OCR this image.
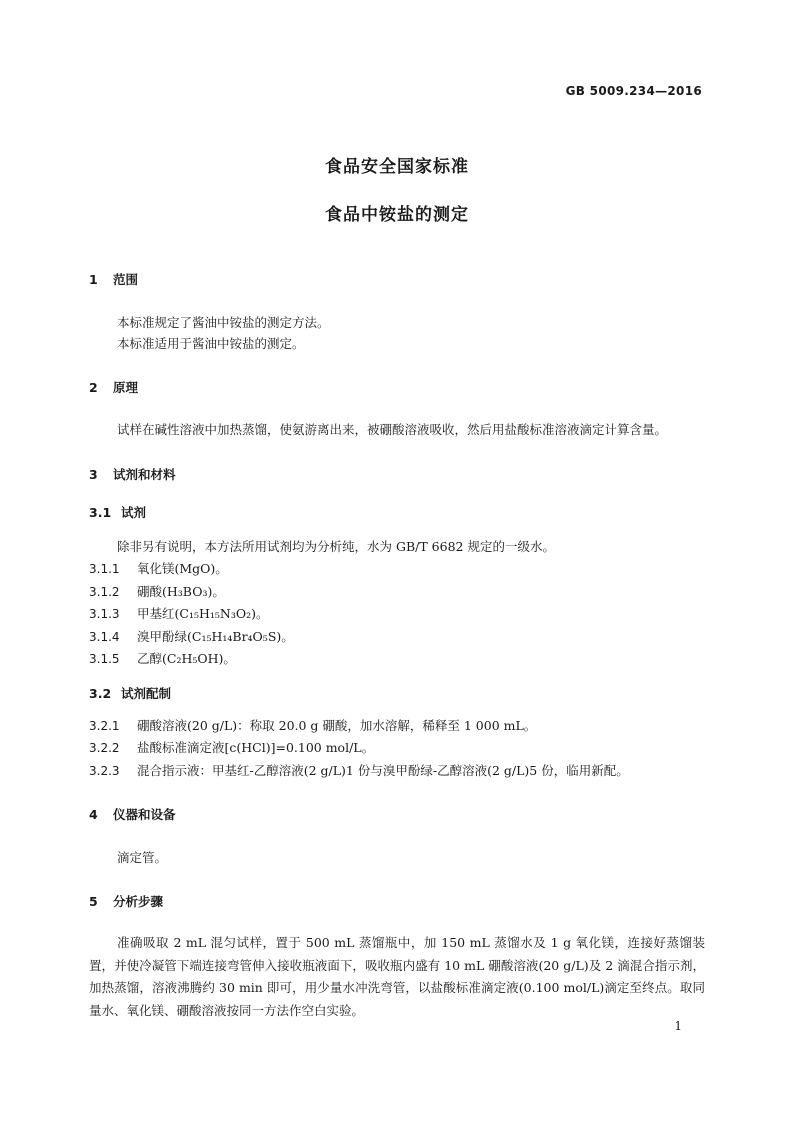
GB 5009.234—2016
食品安全国家标准
食品中铵盐的测定
1 范围
本标准规定了酱油中铵盐的测定方法。
本标准适用于酱油中铵盐的测定。
2 原理
试样在碱性溶液中加热蒸馏，使氨游离出来，被硼酸溶液吸收，然后用盐酸标准溶液滴定计算含量。
3 试剂和材料
3.1 试剂
除非另有说明，本方法所用试剂均为分析纯，水为 GB/T 6682 规定的一级水。
3.1.1 氧化镁(MgO)。
3.1.2 硼酸(H₃BO₃)。
3.1.3 甲基红(C₁₅H₁₅N₃O₂)。
3.1.4 溴甲酚绿(C₁₅H₁₄Br₄O₅S)。
3.1.5 乙醇(C₂H₅OH)。
3.2 试剂配制
3.2.1 硼酸溶液(20 g/L)：称取 20.0 g 硼酸，加水溶解，稀释至 1 000 mL。
3.2.2 盐酸标准滴定液[c(HCl)]=0.100 mol/L。
3.2.3 混合指示液：甲基红-乙醇溶液(2 g/L)1 份与溴甲酚绿-乙醇溶液(2 g/L)5 份，临用新配。
4 仪器和设备
滴定管。
5 分析步骤
准确吸取 2 mL 混匀试样，置于 500 mL 蒸馏瓶中，加 150 mL 蒸馏水及 1 g 氧化镁，连接好蒸馏装置，并使冷凝管下端连接弯管伸入接收瓶液面下，吸收瓶内盛有 10 mL 硼酸溶液(20 g/L)及 2 滴混合指示剂，加热蒸馏，溶液沸腾约 30 min 即可，用少量水冲洗弯管，以盐酸标准滴定液(0.100 mol/L)滴定至终点。取同量水、氧化镁、硼酸溶液按同一方法作空白实验。
1
